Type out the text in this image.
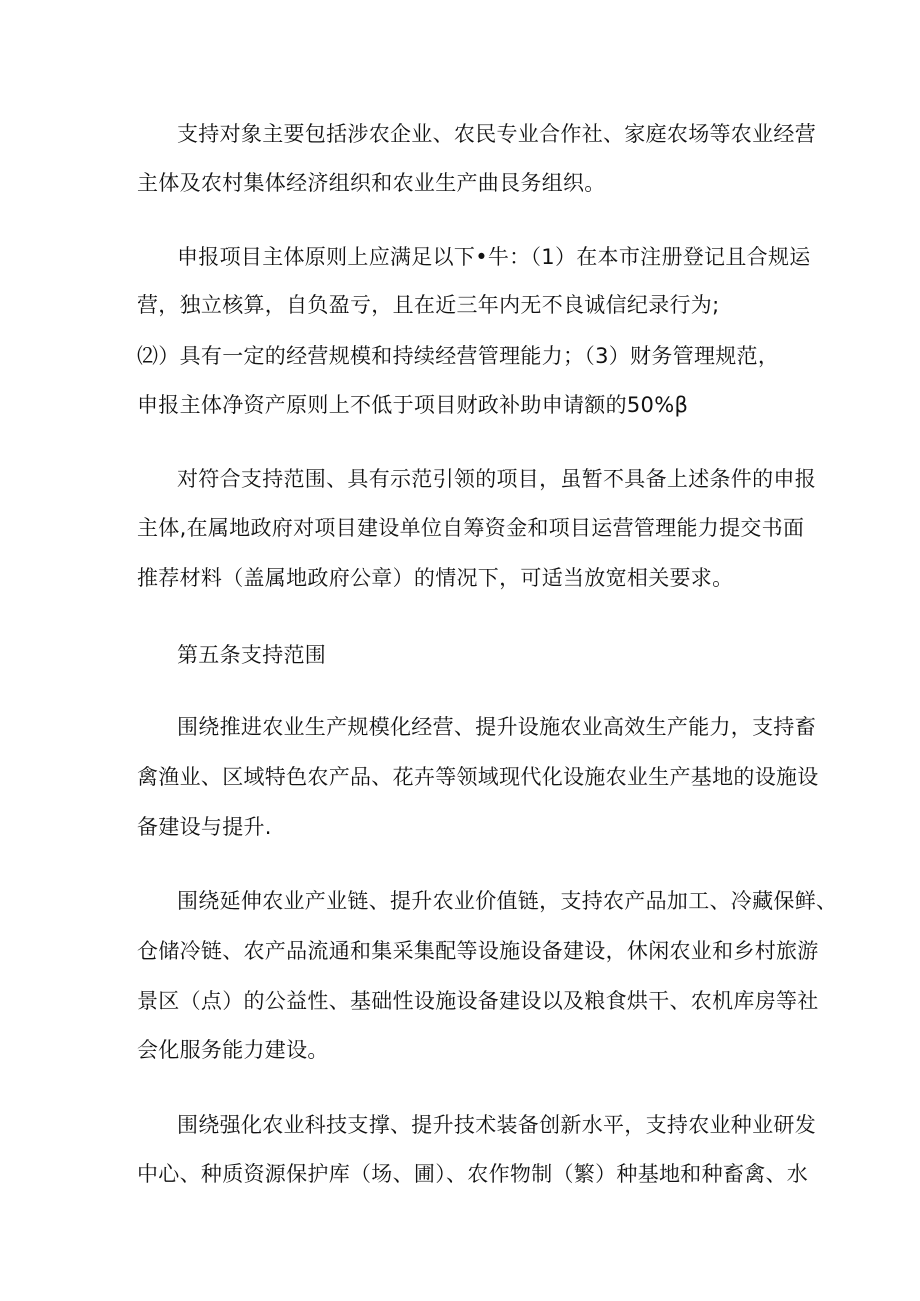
支持对象主要包括涉农企业、农民专业合作社、家庭农场等农业经营
主体及农村集体经济组织和农业生产曲艮务组织。
申报项目主体原则上应满足以下•牛：（1）在本市注册登记且合规运
营，独立核算，自负盈亏，且在近三年内无不良诚信纪录行为;
⑵）具有一定的经营规模和持续经营管理能力；（3）财务管理规范，
申报主体净资产原则上不低于项目财政补助申请额的50%β
对符合支持范围、具有示范引领的项目，虽暂不具备上述条件的申报
主体,在属地政府对项目建设单位自筹资金和项目运营管理能力提交书面
推荐材料（盖属地政府公章）的情况下，可适当放宽相关要求。
第五条支持范围
围绕推进农业生产规模化经营、提升设施农业高效生产能力，支持畜
禽渔业、区域特色农产品、花卉等领域现代化设施农业生产基地的设施设
备建设与提升.
围绕延伸农业产业链、提升农业价值链，支持农产品加工、冷藏保鲜、
仓储冷链、农产品流通和集采集配等设施设备建设，休闲农业和乡村旅游
景区（点）的公益性、基础性设施设备建设以及粮食烘干、农机库房等社
会化服务能力建设。
围绕强化农业科技支撑、提升技术装备创新水平，支持农业种业研发
中心、种质资源保护库（场、圃）、农作物制（繁）种基地和种畜禽、水
